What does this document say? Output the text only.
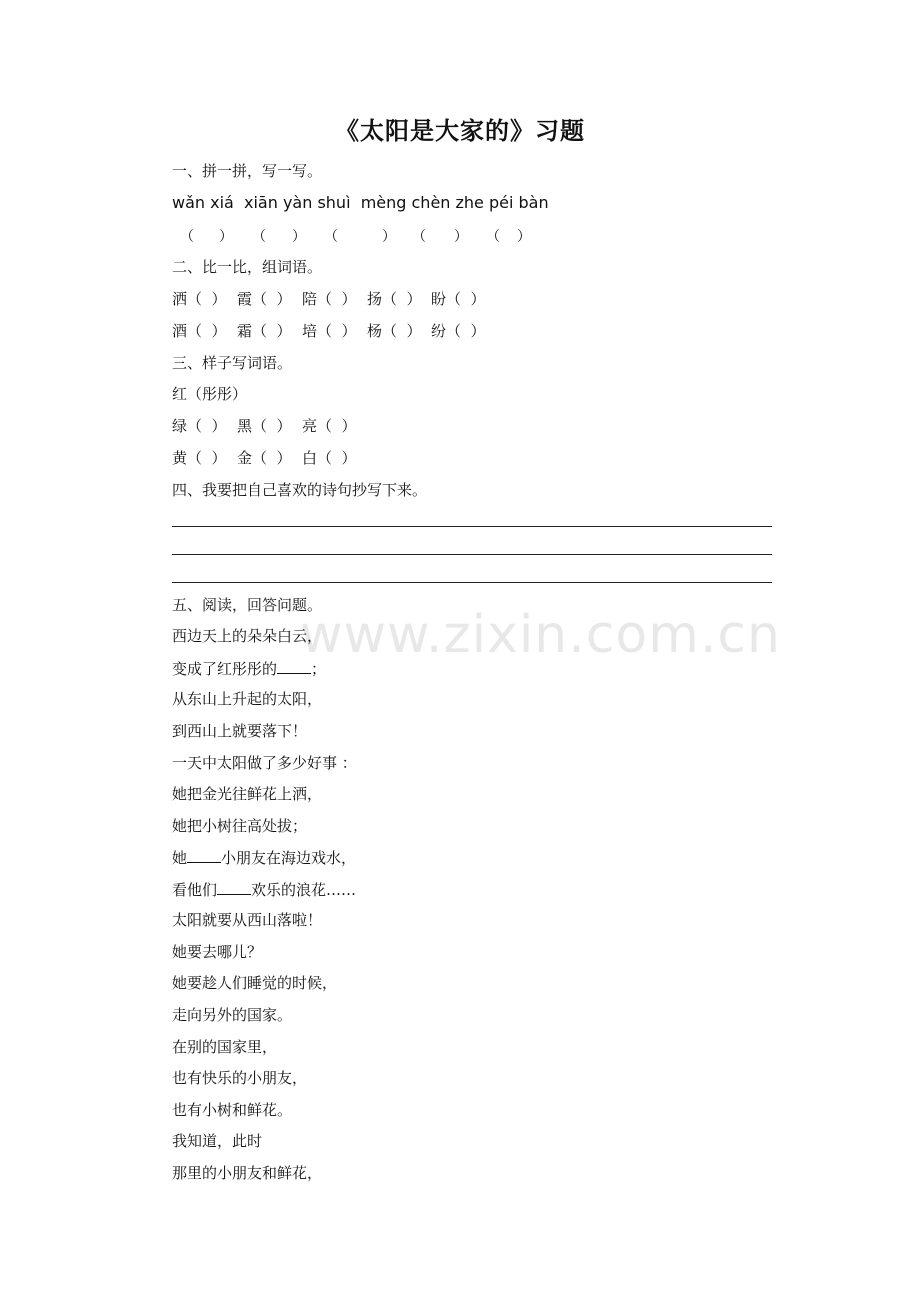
www.zixin.com.cn
《太阳是大家的》习题
一、拼一拼，写一写。
wǎn xiá  xiān yàn shuì  mèng chèn zhe péi bàn
（ ） （ ） （	） （ ） （ ）
二、比一比，组词语。
洒（  ） 霞（  ） 陪（  ） 扬（  ） 盼（  ）
酒（  ） 霜（  ） 培（  ） 杨（  ） 纷（  ）
三、样子写词语。
红（彤彤）
绿（  ） 黑（  ） 亮（  ）
黄（  ） 金（  ） 白（  ）
四、我要把自己喜欢的诗句抄写下来。
五、阅读，回答问题。
西边天上的朵朵白云，
变成了红彤彤的 ；
从东山上升起的太阳，
到西山上就要落下！
一天中太阳做了多少好事 ：
她把金光往鲜花上洒，
她把小树往高处拔；
她 小朋友在海边戏水，
看他们 欢乐的浪花……
太阳就要从西山落啦！
她要去哪儿？
她要趁人们睡觉的时候，
走向另外的国家。
在别的国家里，
也有快乐的小朋友，
也有小树和鲜花。
我知道，此时
那里的小朋友和鲜花，
